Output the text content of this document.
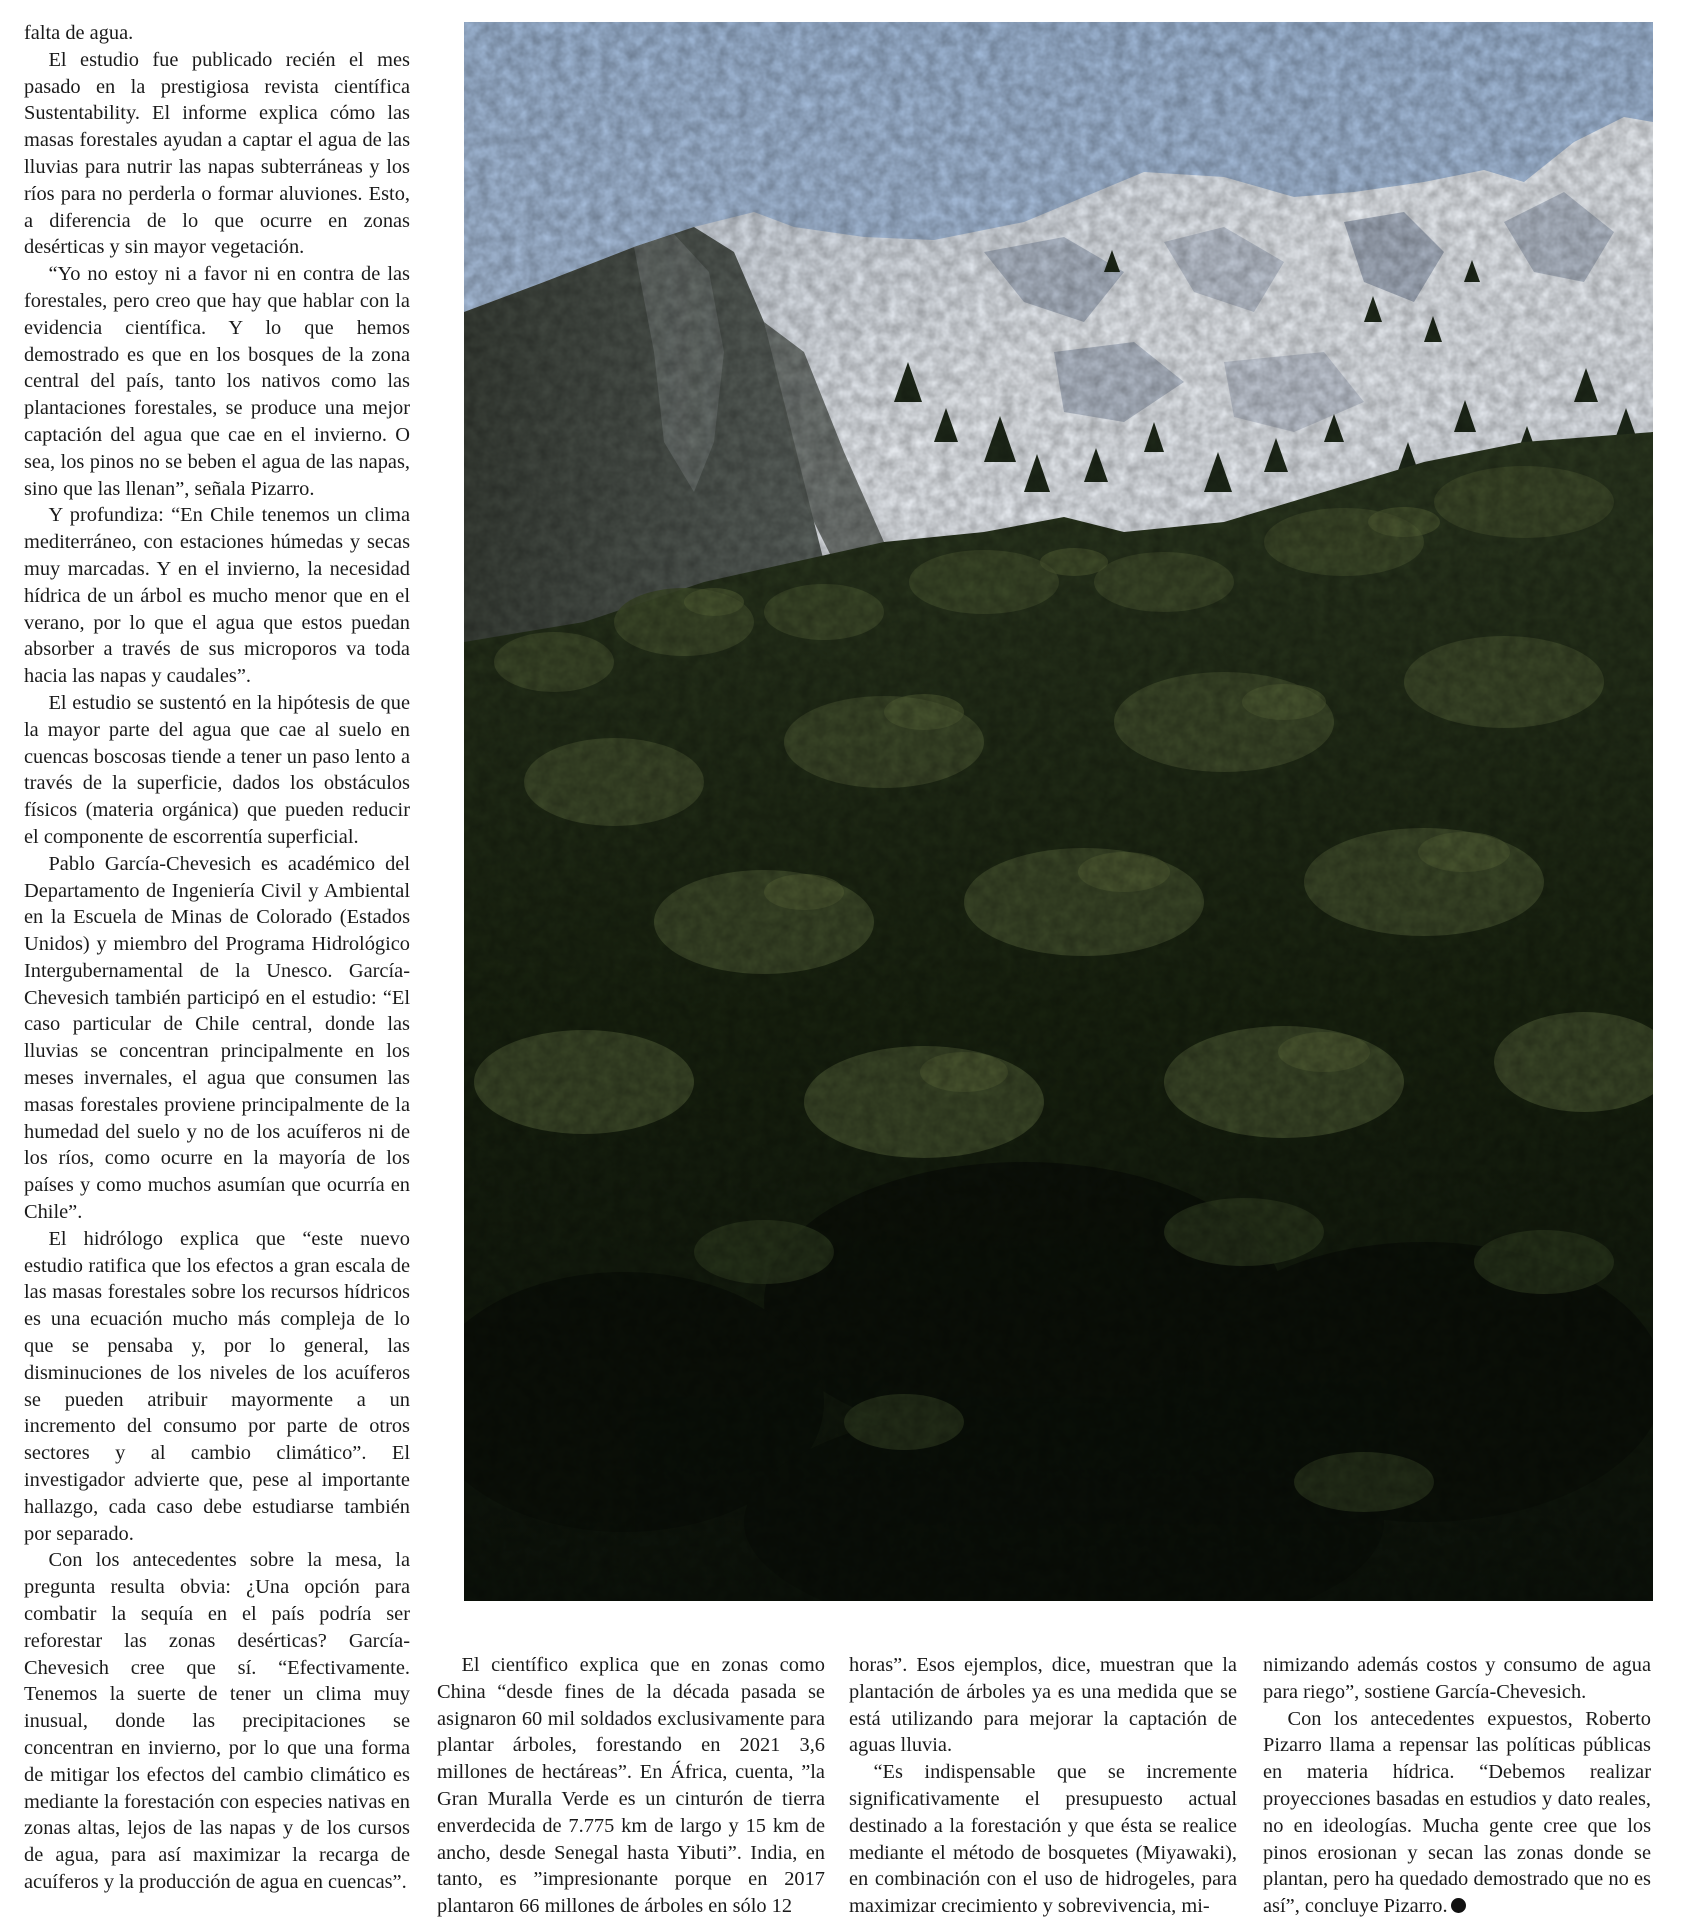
falta de agua.

El estudio fue publicado recién el mes pasado en la prestigiosa revista científica Sustentability. El informe explica cómo las masas forestales ayudan a captar el agua de las lluvias para nutrir las napas subterráneas y los ríos para no perderla o formar aluviones. Esto, a diferencia de lo que ocurre en zonas desérticas y sin mayor vegetación.

“Yo no estoy ni a favor ni en contra de las forestales, pero creo que hay que hablar con la evidencia científica. Y lo que hemos demostrado es que en los bosques de la zona central del país, tanto los nativos como las plantaciones forestales, se produce una mejor captación del agua que cae en el invierno. O sea, los pinos no se beben el agua de las napas, sino que las llenan”, señala Pizarro.

Y profundiza: “En Chile tenemos un clima mediterráneo, con estaciones húmedas y secas muy marcadas. Y en el invierno, la necesidad hídrica de un árbol es mucho menor que en el verano, por lo que el agua que estos puedan absorber a través de sus microporos va toda hacia las napas y caudales”.

El estudio se sustentó en la hipótesis de que la mayor parte del agua que cae al suelo en cuencas boscosas tiende a tener un paso lento a través de la superficie, dados los obstáculos físicos (materia orgánica) que pueden reducir el componente de escorrentía superficial.

Pablo García-Chevesich es académico del Departamento de Ingeniería Civil y Ambiental en la Escuela de Minas de Colorado (Estados Unidos) y miembro del Programa Hidrológico Intergubernamental de la Unesco. García-Chevesich también participó en el estudio: “El caso particular de Chile central, donde las lluvias se concentran principalmente en los meses invernales, el agua que consumen las masas forestales proviene principalmente de la humedad del suelo y no de los acuíferos ni de los ríos, como ocurre en la mayoría de los países y como muchos asumían que ocurría en Chile”.

El hidrólogo explica que “este nuevo estudio ratifica que los efectos a gran escala de las masas forestales sobre los recursos hídricos es una ecuación mucho más compleja de lo que se pensaba y, por lo general, las disminuciones de los niveles de los acuíferos se pueden atribuir mayormente a un incremento del consumo por parte de otros sectores y al cambio climático”. El investigador advierte que, pese al importante hallazgo, cada caso debe estudiarse también por separado.

Con los antecedentes sobre la mesa, la pregunta resulta obvia: ¿Una opción para combatir la sequía en el país podría ser reforestar las zonas desérticas? García-Chevesich cree que sí. “Efectivamente. Tenemos la suerte de tener un clima muy inusual, donde las precipitaciones se concentran en invierno, por lo que una forma de mitigar los efectos del cambio climático es mediante la forestación con especies nativas en zonas altas, lejos de las napas y de los cursos de agua, para así maximizar la recarga de acuíferos y la producción de agua en cuencas”.

El científico explica que en zonas como China “desde fines de la década pasada se asignaron 60 mil soldados exclusivamente para plantar árboles, forestando en 2021 3,6 millones de hectáreas”. En África, cuenta, ”la Gran Muralla Verde es un cinturón de tierra enverdecida de 7.775 km de largo y 15 km de ancho, desde Senegal hasta Yibuti”. India, en tanto, es ”impresionante porque en 2017 plantaron 66 millones de árboles en sólo 12

horas”. Esos ejemplos, dice, muestran que la plantación de árboles ya es una medida que se está utilizando para mejorar la captación de aguas lluvia.

“Es indispensable que se incremente significativamente el presupuesto actual destinado a la forestación y que ésta se realice mediante el método de bosquetes (Miyawaki), en combinación con el uso de hidrogeles, para maximizar crecimiento y sobrevivencia, mi-

nimizando además costos y consumo de agua para riego”, sostiene García-Chevesich.

Con los antecedentes expuestos, Roberto Pizarro llama a repensar las políticas públicas en materia hídrica. “Debemos realizar proyecciones basadas en estudios y dato reales, no en ideologías. Mucha gente cree que los pinos erosionan y secan las zonas donde se plantan, pero ha quedado demostrado que no es así”, concluye Pizarro.
